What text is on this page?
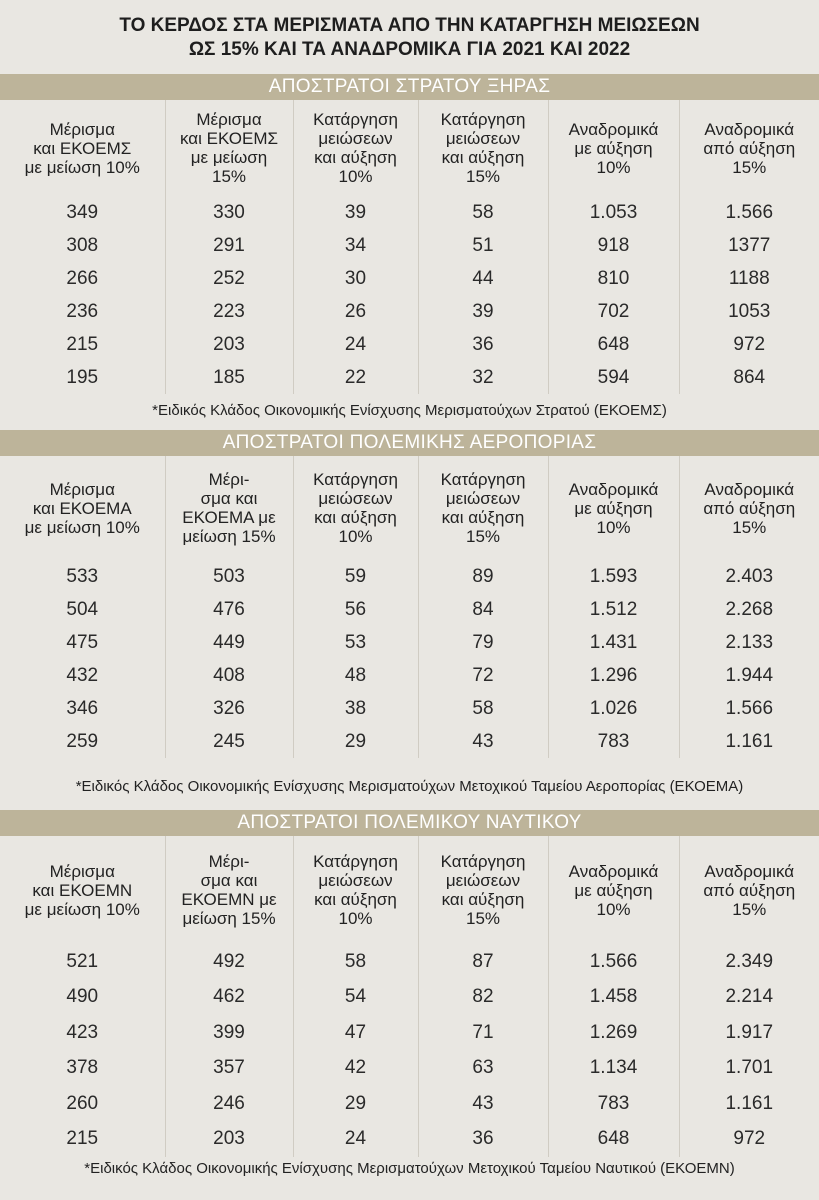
ΤΟ ΚΕΡΔΟΣ ΣΤΑ ΜΕΡΙΣΜΑΤΑ ΑΠΟ ΤΗΝ ΚΑΤΑΡΓΗΣΗ ΜΕΙΩΣΕΩΝ
ΩΣ 15% ΚΑΙ ΤΑ ΑΝΑΔΡΟΜΙΚΑ ΓΙΑ 2021 ΚΑΙ 2022
ΑΠΟΣΤΡΑΤΟΙ ΣΤΡΑΤΟΥ ΞΗΡΑΣ
Μέρισμα
και ΕΚΟΕΜΣ
με μείωση 10%	Μέρισμα
και ΕΚΟΕΜΣ
με μείωση
15%	Κατάργηση
μειώσεων
και αύξηση
10%	Κατάργηση
μειώσεων
και αύξηση
15%	Αναδρομικά
με αύξηση
10%	Αναδρομικά
από αύξηση
15%
349	330	39	58	1.053	1.566
308	291	34	51	918	1377
266	252	30	44	810	1188
236	223	26	39	702	1053
215	203	24	36	648	972
195	185	22	32	594	864
*Ειδικός Κλάδος Οικονομικής Ενίσχυσης Μερισματούχων Στρατού (ΕΚΟΕΜΣ)
ΑΠΟΣΤΡΑΤΟΙ ΠΟΛΕΜΙΚΗΣ ΑΕΡΟΠΟΡΙΑΣ
Μέρισμα
και ΕΚΟΕΜΑ
με μείωση 10%	Μέρι-
σμα και
ΕΚΟΕΜΑ με
μείωση 15%	Κατάργηση
μειώσεων
και αύξηση
10%	Κατάργηση
μειώσεων
και αύξηση
15%	Αναδρομικά
με αύξηση
10%	Αναδρομικά
από αύξηση
15%
533	503	59	89	1.593	2.403
504	476	56	84	1.512	2.268
475	449	53	79	1.431	2.133
432	408	48	72	1.296	1.944
346	326	38	58	1.026	1.566
259	245	29	43	783	1.161
*Ειδικός Κλάδος Οικονομικής Ενίσχυσης Μερισματούχων Μετοχικού Ταμείου Αεροπορίας (ΕΚΟΕΜΑ)
ΑΠΟΣΤΡΑΤΟΙ ΠΟΛΕΜΙΚΟΥ ΝΑΥΤΙΚΟΥ
Μέρισμα
και ΕΚΟΕΜΝ
με μείωση 10%	Μέρι-
σμα και
ΕΚΟΕΜΝ με
μείωση 15%	Κατάργηση
μειώσεων
και αύξηση
10%	Κατάργηση
μειώσεων
και αύξηση
15%	Αναδρομικά
με αύξηση
10%	Αναδρομικά
από αύξηση
15%
521	492	58	87	1.566	2.349
490	462	54	82	1.458	2.214
423	399	47	71	1.269	1.917
378	357	42	63	1.134	1.701
260	246	29	43	783	1.161
215	203	24	36	648	972
*Ειδικός Κλάδος Οικονομικής Ενίσχυσης Μερισματούχων Μετοχικού Ταμείου Ναυτικού (ΕΚΟΕΜΝ)
